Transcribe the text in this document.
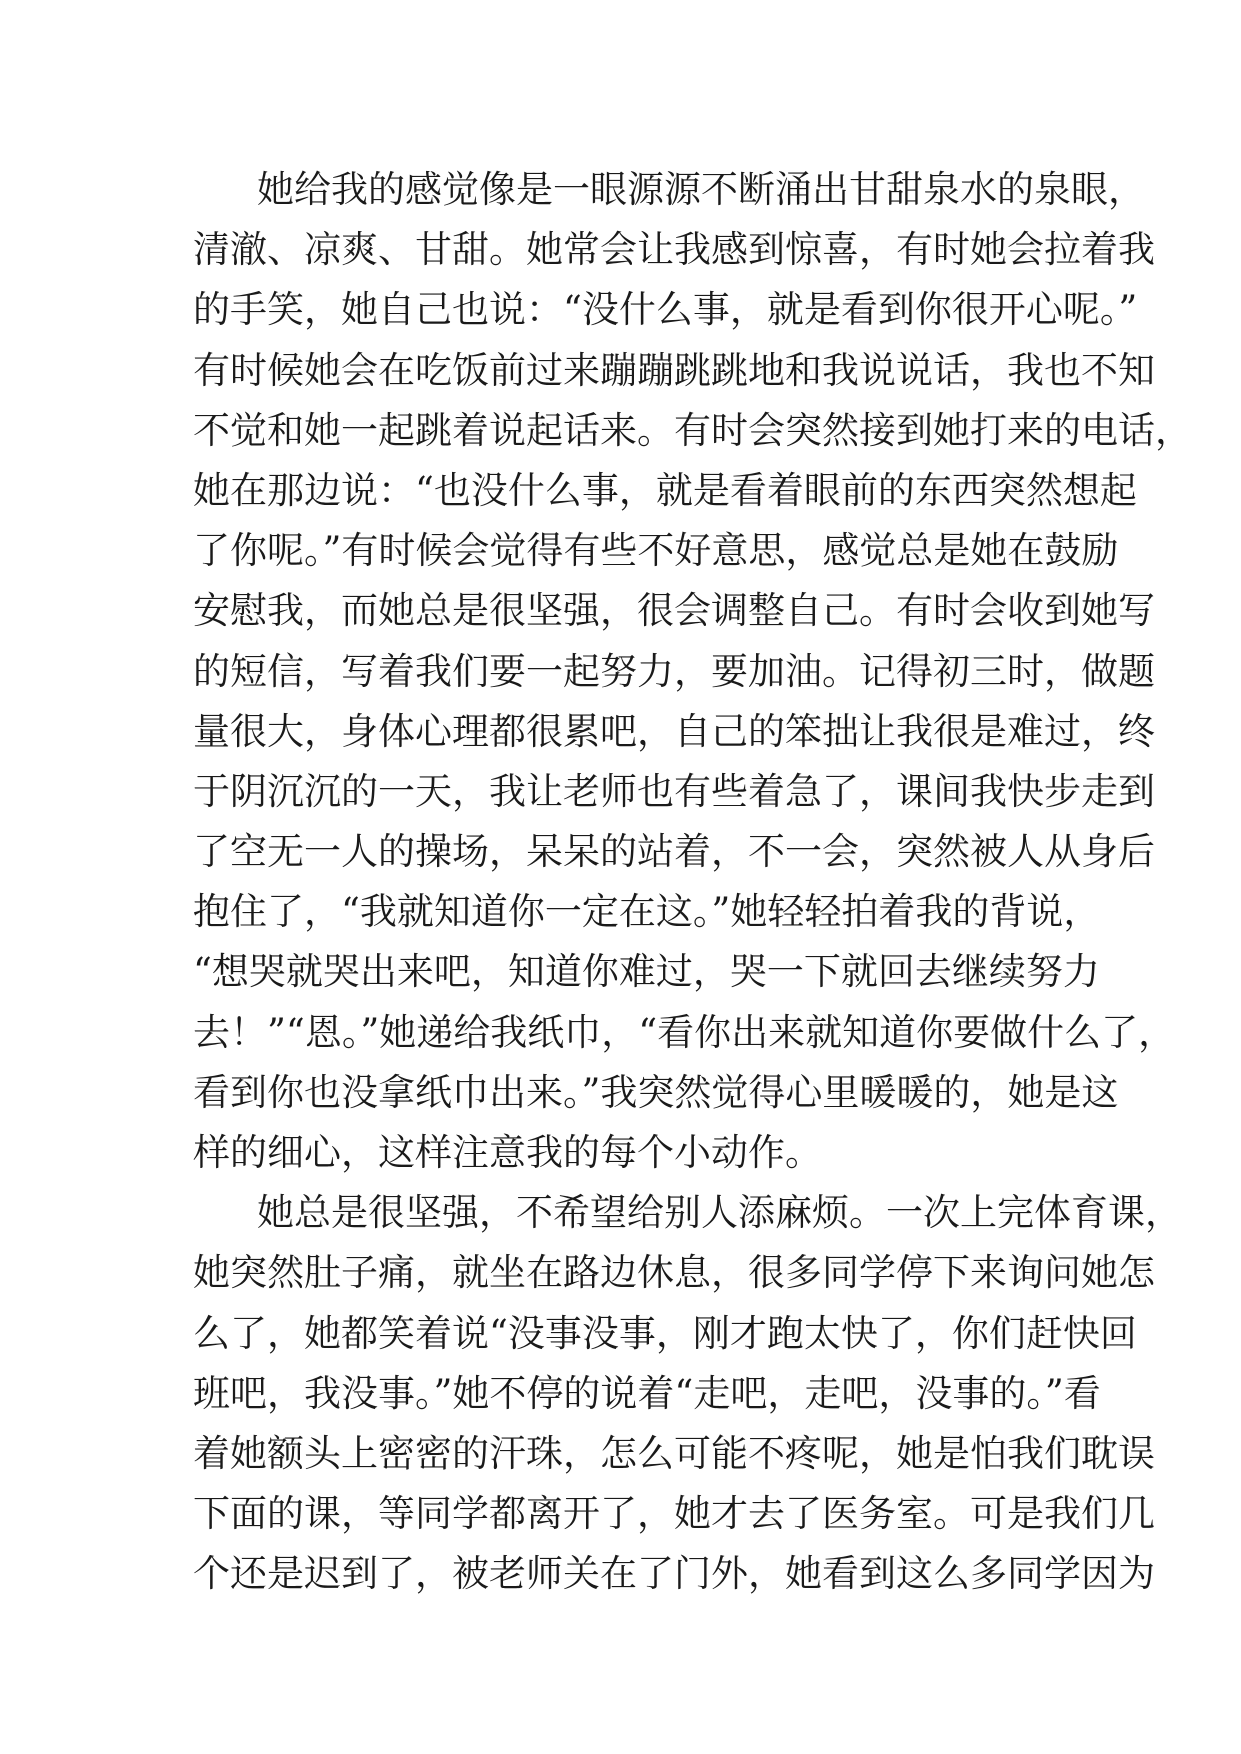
她给我的感觉像是一眼源源不断涌出甘甜泉水的泉眼，
清澈、凉爽、甘甜。她常会让我感到惊喜，有时她会拉着我
的手笑，她自己也说：“没什么事，就是看到你很开心呢。”
有时候她会在吃饭前过来蹦蹦跳跳地和我说说话，我也不知
不觉和她一起跳着说起话来。有时会突然接到她打来的电话，
她在那边说：“也没什么事，就是看着眼前的东西突然想起
了你呢。”有时候会觉得有些不好意思，感觉总是她在鼓励
安慰我，而她总是很坚强，很会调整自己。有时会收到她写
的短信，写着我们要一起努力，要加油。记得初三时，做题
量很大，身体心理都很累吧，自己的笨拙让我很是难过，终
于阴沉沉的一天，我让老师也有些着急了，课间我快步走到
了空无一人的操场，呆呆的站着，不一会，突然被人从身后
抱住了，“我就知道你一定在这。”她轻轻拍着我的背说，
“想哭就哭出来吧，知道你难过，哭一下就回去继续努力
去！”“恩。”她递给我纸巾，“看你出来就知道你要做什么了，
看到你也没拿纸巾出来。”我突然觉得心里暖暖的，她是这
样的细心，这样注意我的每个小动作。
她总是很坚强，不希望给别人添麻烦。一次上完体育课，
她突然肚子痛，就坐在路边休息，很多同学停下来询问她怎
么了，她都笑着说“没事没事，刚才跑太快了，你们赶快回
班吧，我没事。”她不停的说着“走吧，走吧，没事的。”看
着她额头上密密的汗珠，怎么可能不疼呢，她是怕我们耽误
下面的课，等同学都离开了，她才去了医务室。可是我们几
个还是迟到了，被老师关在了门外，她看到这么多同学因为
